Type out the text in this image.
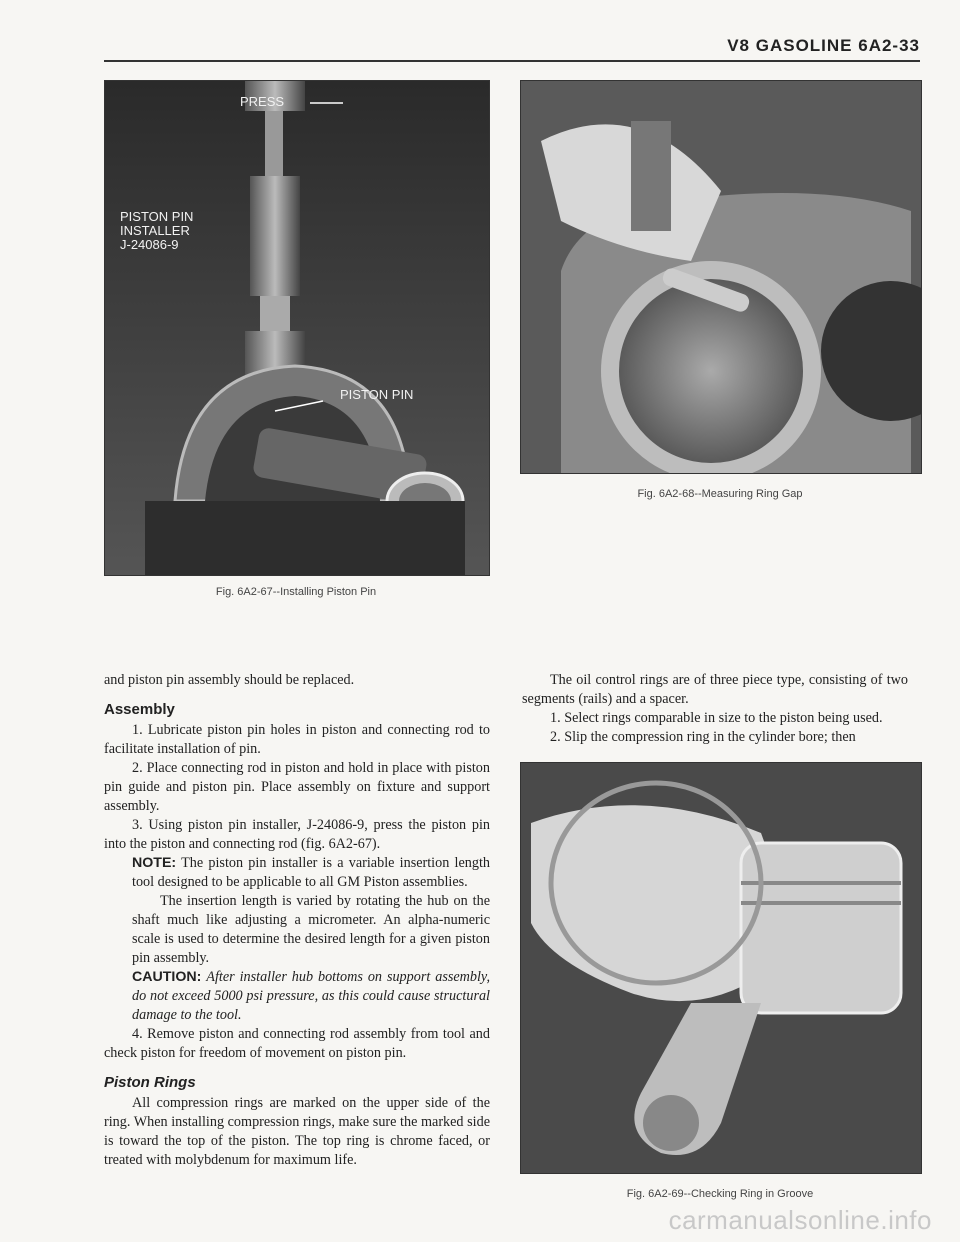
V8 GASOLINE 6A2-33
PRESS
PISTON PIN
INSTALLER
J-24086-9
PISTON PIN
Fig. 6A2-67--Installing Piston Pin
Fig. 6A2-68--Measuring Ring Gap

and piston pin assembly should be replaced.

Assembly

1. Lubricate piston pin holes in piston and connecting rod to facilitate installation of pin.

2. Place connecting rod in piston and hold in place with piston pin guide and piston pin. Place assembly on fixture and support assembly.

3. Using piston pin installer, J-24086-9, press the piston pin into the piston and connecting rod (fig. 6A2-67).

NOTE: The piston pin installer is a variable insertion length tool designed to be applicable to all GM Piston assemblies.

The insertion length is varied by rotating the hub on the shaft much like adjusting a micrometer. An alpha-numeric scale is used to determine the desired length for a given piston pin assembly.

CAUTION: After installer hub bottoms on support assembly, do not exceed 5000 psi pressure, as this could cause structural damage to the tool.

4. Remove piston and connecting rod assembly from tool and check piston for freedom of movement on piston pin.

Piston Rings

All compression rings are marked on the upper side of the ring. When installing compression rings, make sure the marked side is toward the top of the piston. The top ring is chrome faced, or treated with molybdenum for maximum life.

The oil control rings are of three piece type, consisting of two segments (rails) and a spacer.

1. Select rings comparable in size to the piston being used.

2. Slip the compression ring in the cylinder bore; then

Fig. 6A2-69--Checking Ring in Groove
carmanualsonline.info
